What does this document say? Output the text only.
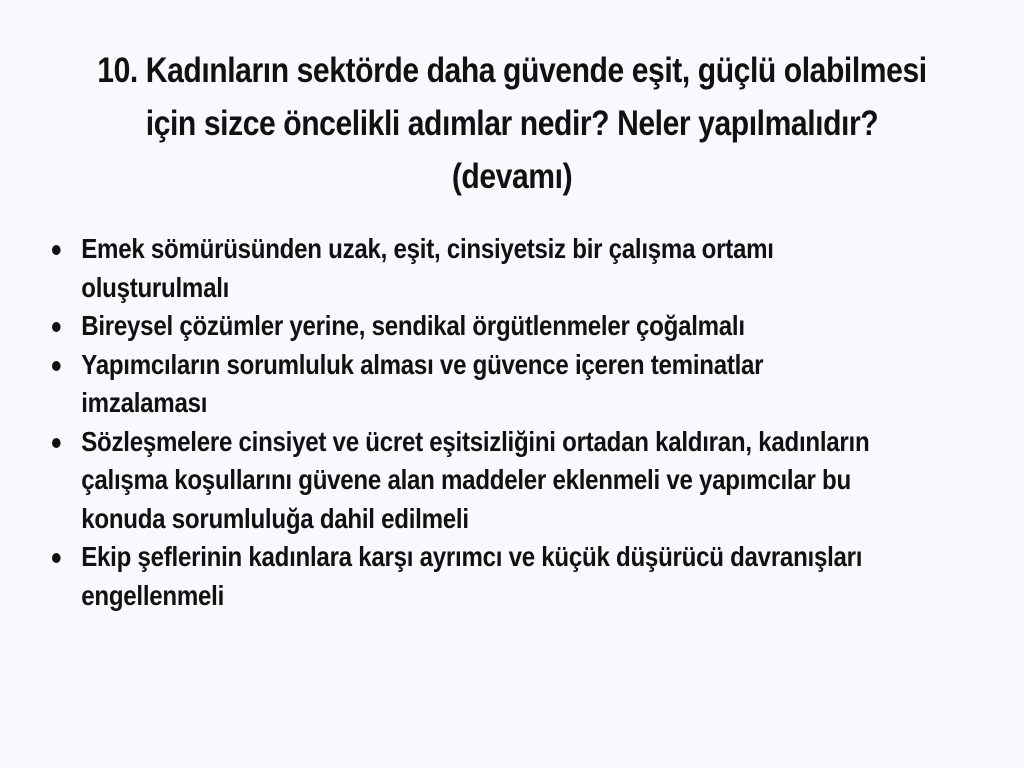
10. Kadınların sektörde daha güvende eşit, güçlü olabilmesi için sizce öncelikli adımlar nedir? Neler yapılmalıdır? (devamı)
Emek sömürüsünden uzak, eşit, cinsiyetsiz bir çalışma ortamı oluşturulmalı
Bireysel çözümler yerine, sendikal örgütlenmeler çoğalmalı
Yapımcıların sorumluluk alması ve güvence içeren teminatlar imzalaması
Sözleşmelere cinsiyet ve ücret eşitsizliğini ortadan kaldıran, kadınların çalışma koşullarını güvene alan maddeler eklenmeli ve yapımcılar bu konuda sorumluluğa dahil edilmeli
Ekip şeflerinin kadınlara karşı ayrımcı ve küçük düşürücü davranışları engellenmeli
